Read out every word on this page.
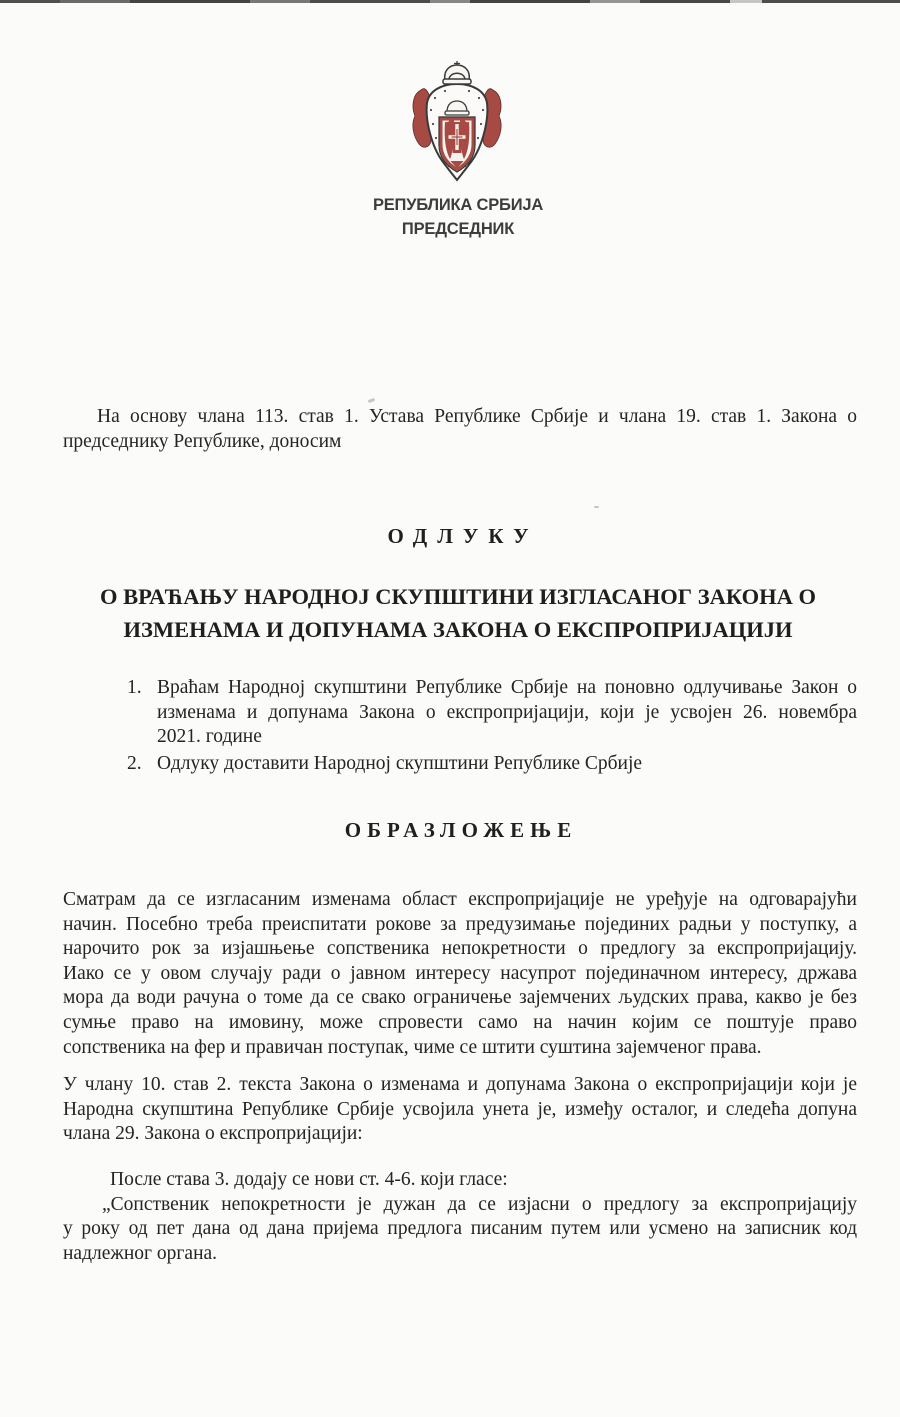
РЕПУБЛИКА СРБИЈА
ПРЕДСЕДНИК
На основу члана 113. став 1. Устава Републике Србије и члана 19. став 1. Закона о
председнику Републике, доносим
ОДЛУКУ
О ВРАЋАЊУ НАРОДНОЈ СКУПШТИНИ ИЗГЛАСАНОГ ЗАКОНА О
ИЗМЕНАМА И ДОПУНАМА ЗАКОНА О ЕКСПРОПРИЈАЦИЈИ
1. Враћам Народној скупштини Републике Србије на поновно одлучивање Закон о
изменама и допунама Закона о експропријацији, који је усвојен 26. новембра
2021. године
2. Одлуку доставити Народној скупштини Републике Србије
ОБРАЗЛОЖЕЊЕ
Сматрам да се изгласаним изменама област експропријације не уређује на одговарајући
начин. Посебно треба преиспитати рокове за предузимање појединих радњи у поступку, а
нарочито рок за изјашњење сопственика непокретности о предлогу за експропријацију.
Иако се у овом случају ради о јавном интересу насупрот појединачном интересу, држава
мора да води рачуна о томе да се свако ограничење зајемчених људских права, какво је без
сумње право на имовину, може спровести само на начин којим се поштује право
сопственика на фер и правичан поступак, чиме се штити суштина зајемченог права.
У члану 10. став 2. текста Закона о изменама и допунама Закона о експропријацији који је
Народна скупштина Републике Србије усвојила унета је, између осталог, и следећа допуна
члана 29. Закона о експропријацији:
После става 3. додају се нови ст. 4-6. који гласе:
„Сопственик непокретности је дужан да се изјасни о предлогу за експропријацију
у року од пет дана од дана пријема предлога писаним путем или усмено на записник код
надлежног органа.
